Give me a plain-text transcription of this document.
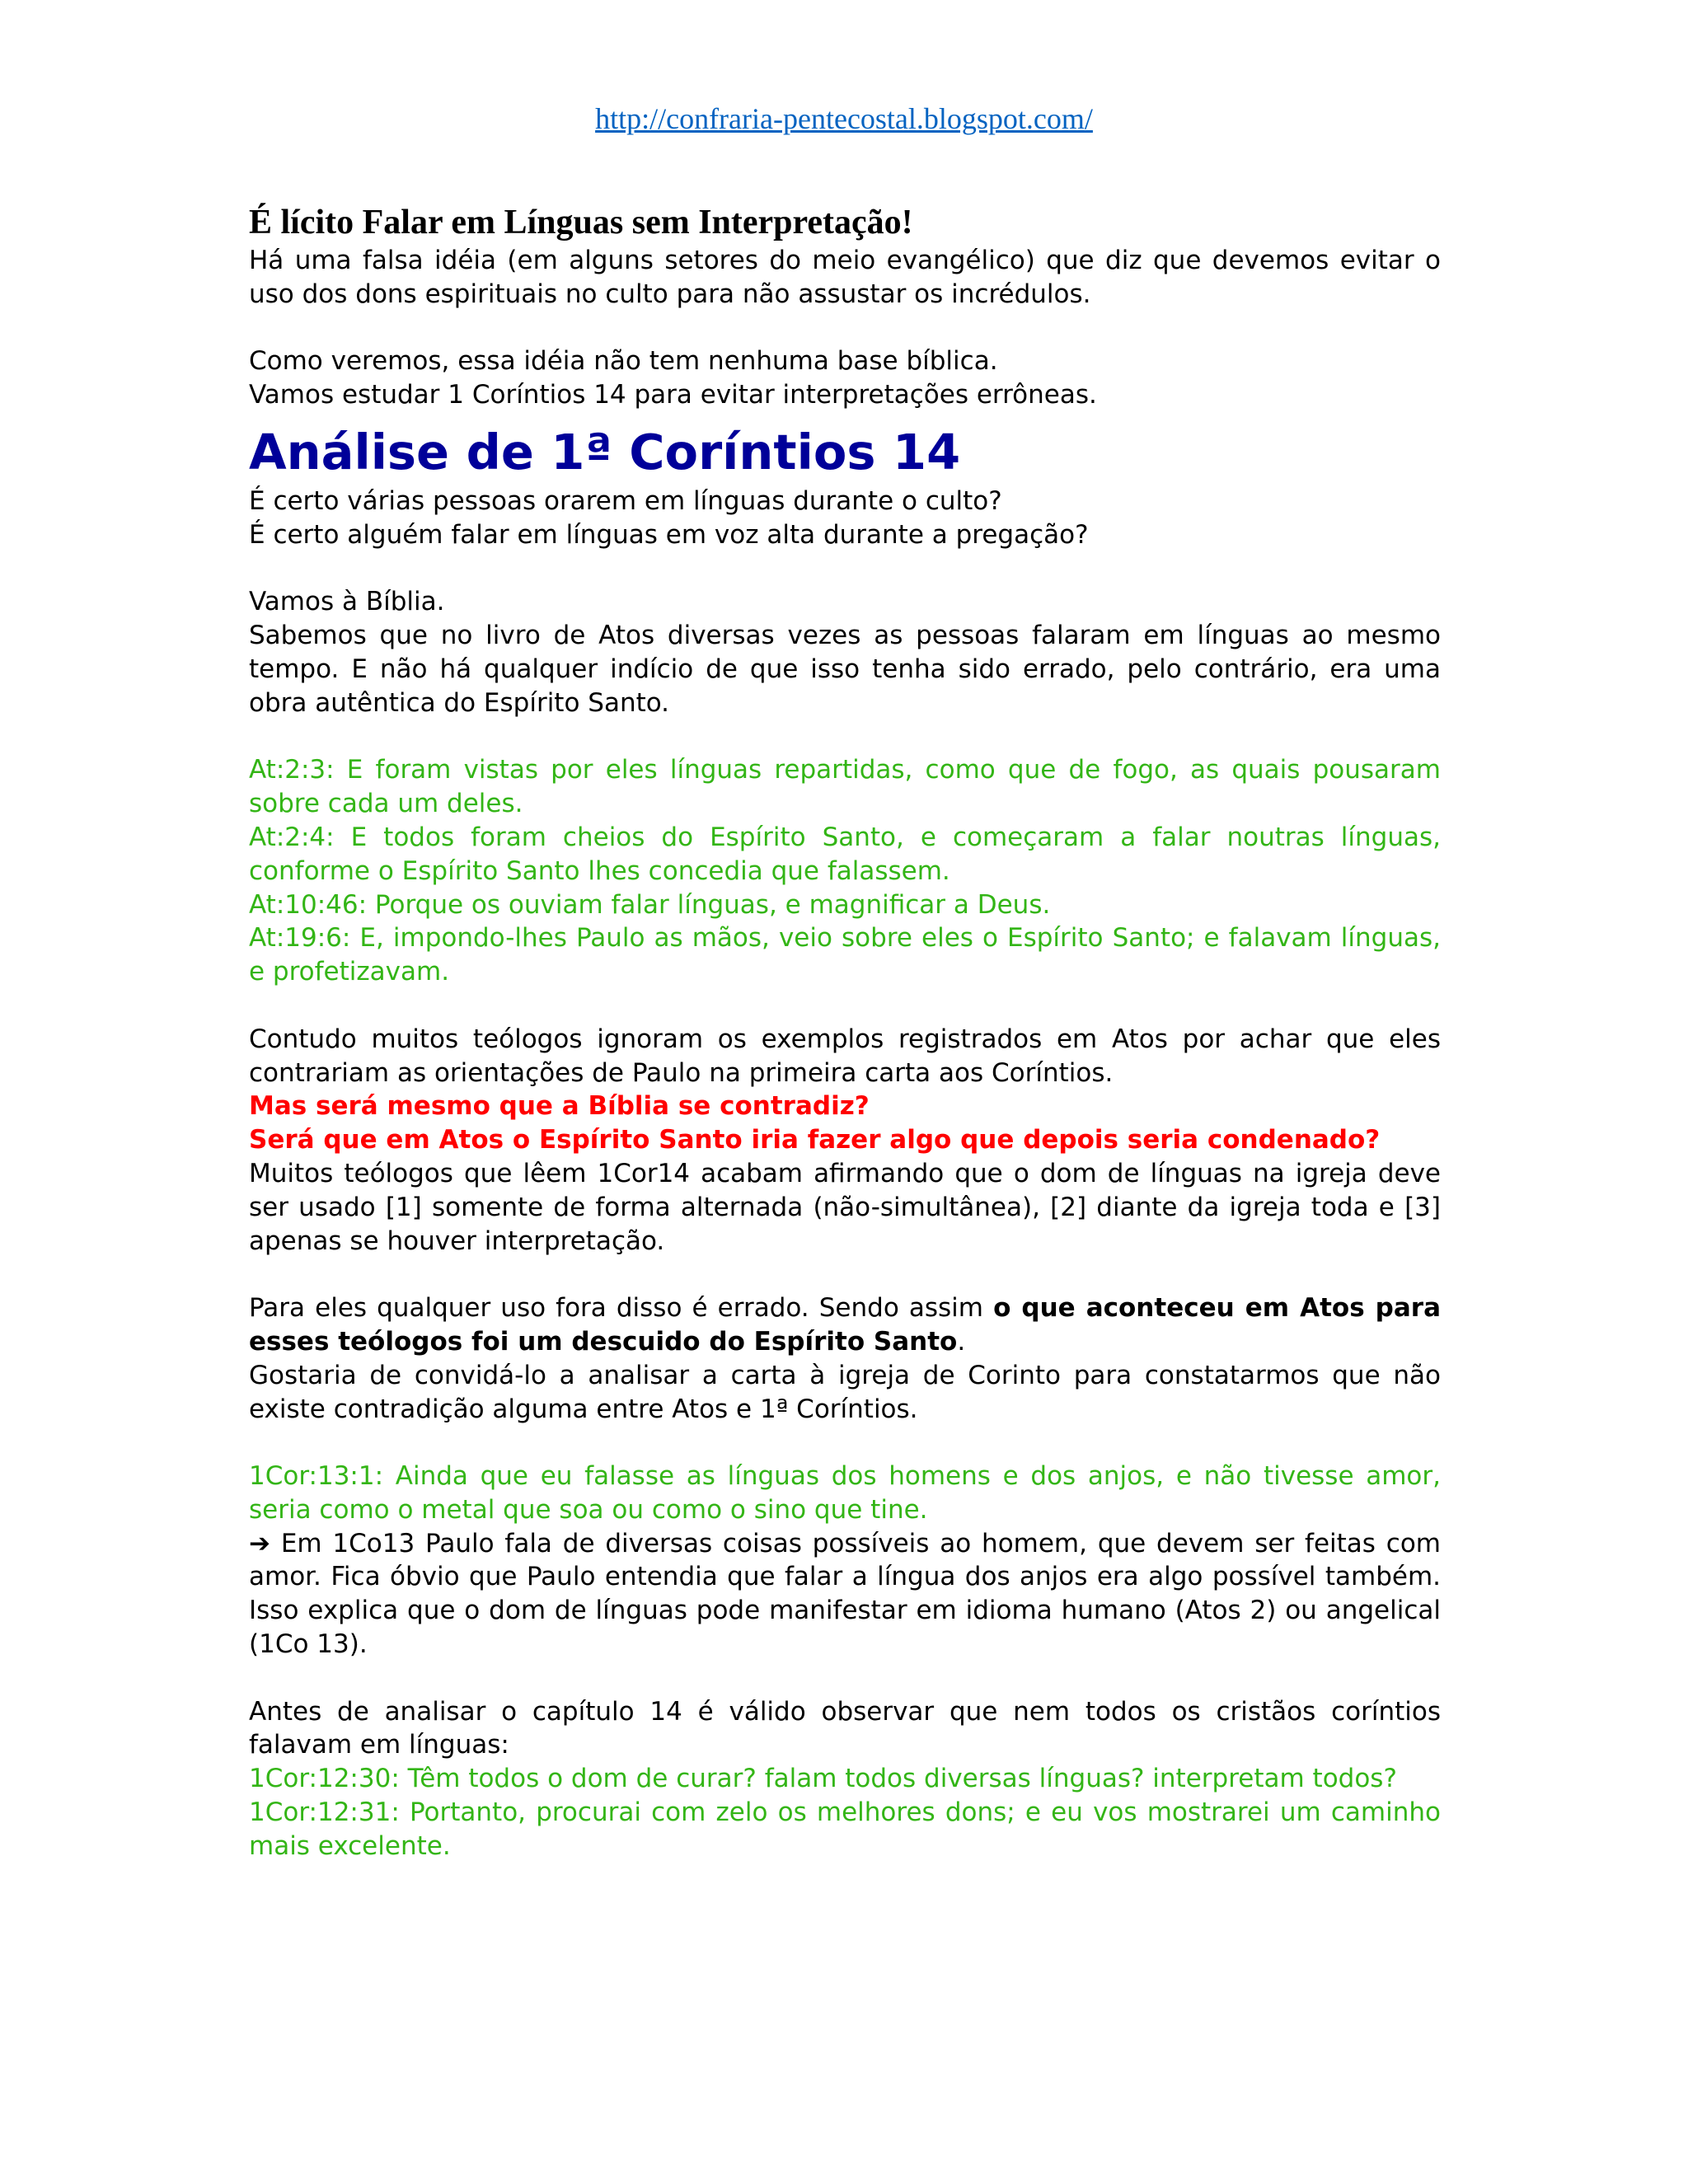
http://confraria-pentecostal.blogspot.com/
É lícito Falar em Línguas sem Interpretação!

Há uma falsa idéia (em alguns setores do meio evangélico) que diz que devemos evitar o uso dos dons espirituais no culto para não assustar os incrédulos.

Como veremos, essa idéia não tem nenhuma base bíblica.

Vamos estudar 1 Coríntios 14 para evitar interpretações errôneas.

Análise de 1ª Coríntios 14

É certo várias pessoas orarem em línguas durante o culto?

É certo alguém falar em línguas em voz alta durante a pregação?

Vamos à Bíblia.

Sabemos que no livro de Atos diversas vezes as pessoas falaram em línguas ao mesmo tempo. E não há qualquer indício de que isso tenha sido errado, pelo contrário, era uma obra autêntica do Espírito Santo.

At:2:3: E foram vistas por eles línguas repartidas, como que de fogo, as quais pousaram sobre cada um deles.

At:2:4: E todos foram cheios do Espírito Santo, e começaram a falar noutras línguas, conforme o Espírito Santo lhes concedia que falassem.

At:10:46: Porque os ouviam falar línguas, e magnificar a Deus.

At:19:6: E, impondo-lhes Paulo as mãos, veio sobre eles o Espírito Santo; e falavam línguas, e profetizavam.

Contudo muitos teólogos ignoram os exemplos registrados em Atos por achar que eles contrariam as orientações de Paulo na primeira carta aos Coríntios.

Mas será mesmo que a Bíblia se contradiz?

Será que em Atos o Espírito Santo iria fazer algo que depois seria condenado?

Muitos teólogos que lêem 1Cor14 acabam afirmando que o dom de línguas na igreja deve ser usado [1] somente de forma alternada (não-simultânea), [2] diante da igreja toda e [3] apenas se houver interpretação.

Para eles qualquer uso fora disso é errado. Sendo assim o que aconteceu em Atos para esses teólogos foi um descuido do Espírito Santo.

Gostaria de convidá-lo a analisar a carta à igreja de Corinto para constatarmos que não existe contradição alguma entre Atos e 1ª Coríntios.

1Cor:13:1: Ainda que eu falasse as línguas dos homens e dos anjos, e não tivesse amor, seria como o metal que soa ou como o sino que tine.

➔ Em 1Co13 Paulo fala de diversas coisas possíveis ao homem, que devem ser feitas com amor. Fica óbvio que Paulo entendia que falar a língua dos anjos era algo possível também. Isso explica que o dom de línguas pode manifestar em idioma humano (Atos 2) ou angelical (1Co 13).

Antes de analisar o capítulo 14 é válido observar que nem todos os cristãos coríntios falavam em línguas:

1Cor:12:30: Têm todos o dom de curar? falam todos diversas línguas? interpretam todos?

1Cor:12:31: Portanto, procurai com zelo os melhores dons; e eu vos mostrarei um caminho mais excelente.
